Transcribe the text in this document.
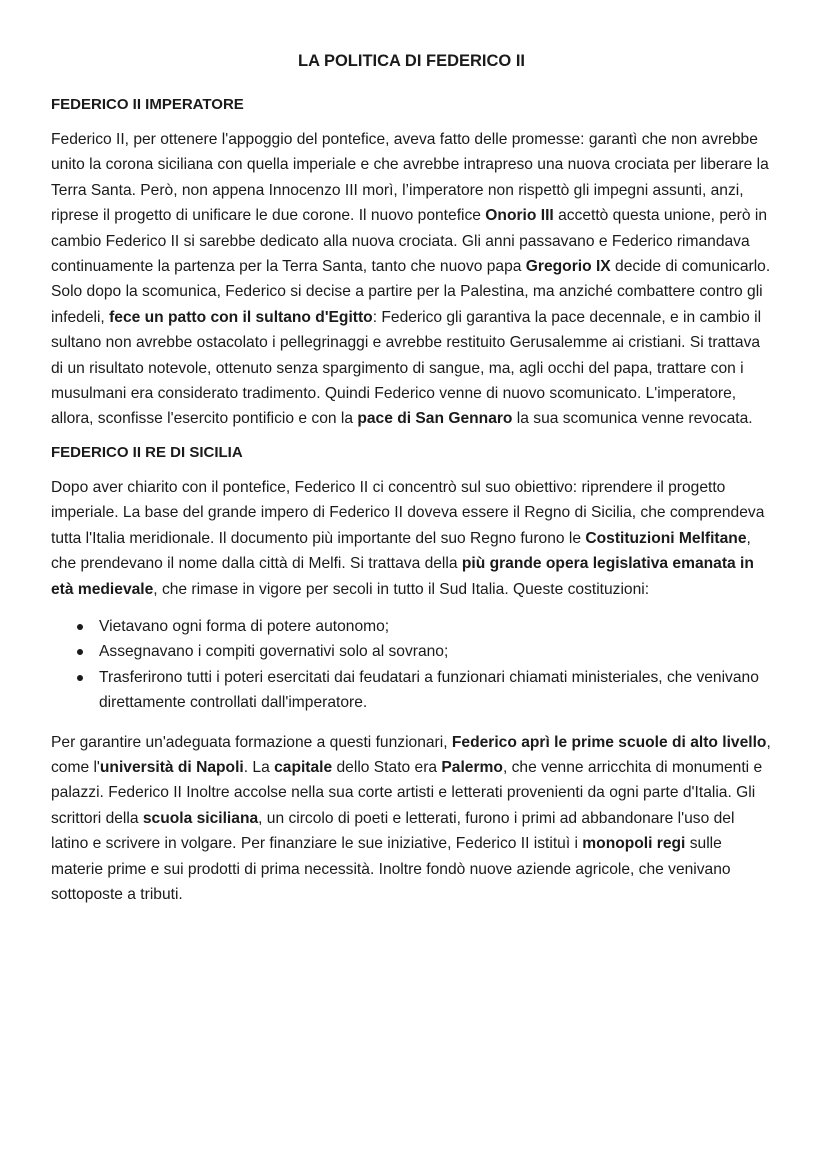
LA POLITICA DI FEDERICO II
FEDERICO II IMPERATORE

Federico II, per ottenere l'appoggio del pontefice, aveva fatto delle promesse: garantì che non avrebbe unito la corona siciliana con quella imperiale e che avrebbe intrapreso una nuova crociata per liberare la Terra Santa. Però, non appena Innocenzo III morì, l’imperatore non rispettò gli impegni assunti, anzi, riprese il progetto di unificare le due corone. Il nuovo pontefice Onorio III accettò questa unione, però in cambio Federico II si sarebbe dedicato alla nuova crociata. Gli anni passavano e Federico rimandava continuamente la partenza per la Terra Santa, tanto che nuovo papa Gregorio IX decide di comunicarlo. Solo dopo la scomunica, Federico si decise a partire per la Palestina, ma anziché combattere contro gli infedeli, fece un patto con il sultano d'Egitto: Federico gli garantiva la pace decennale, e in cambio il sultano non avrebbe ostacolato i pellegrinaggi e avrebbe restituito Gerusalemme ai cristiani. Si trattava di un risultato notevole, ottenuto senza spargimento di sangue, ma, agli occhi del papa, trattare con i musulmani era considerato tradimento. Quindi Federico venne di nuovo scomunicato. L'imperatore, allora, sconfisse l'esercito pontificio e con la pace di San Gennaro la sua scomunica venne revocata.

FEDERICO II RE DI SICILIA

Dopo aver chiarito con il pontefice, Federico II ci concentrò sul suo obiettivo: riprendere il progetto imperiale. La base del grande impero di Federico II doveva essere il Regno di Sicilia, che comprendeva tutta l'Italia meridionale. Il documento più importante del suo Regno furono le Costituzioni Melfitane, che prendevano il nome dalla città di Melfi. Si trattava della più grande opera legislativa emanata in età medievale, che rimase in vigore per secoli in tutto il Sud Italia. Queste costituzioni:

Vietavano ogni forma di potere autonomo;
Assegnavano i compiti governativi solo al sovrano;
Trasferirono tutti i poteri esercitati dai feudatari a funzionari chiamati ministeriales, che venivano direttamente controllati dall'imperatore.

Per garantire un'adeguata formazione a questi funzionari, Federico aprì le prime scuole di alto livello, come l'università di Napoli. La capitale dello Stato era Palermo, che venne arricchita di monumenti e palazzi. Federico II Inoltre accolse nella sua corte artisti e letterati provenienti da ogni parte d'Italia. Gli scrittori della scuola siciliana, un circolo di poeti e letterati, furono i primi ad abbandonare l'uso del latino e scrivere in volgare. Per finanziare le sue iniziative, Federico II istituì i monopoli regi sulle materie prime e sui prodotti di prima necessità. Inoltre fondò nuove aziende agricole, che venivano sottoposte a tributi.
